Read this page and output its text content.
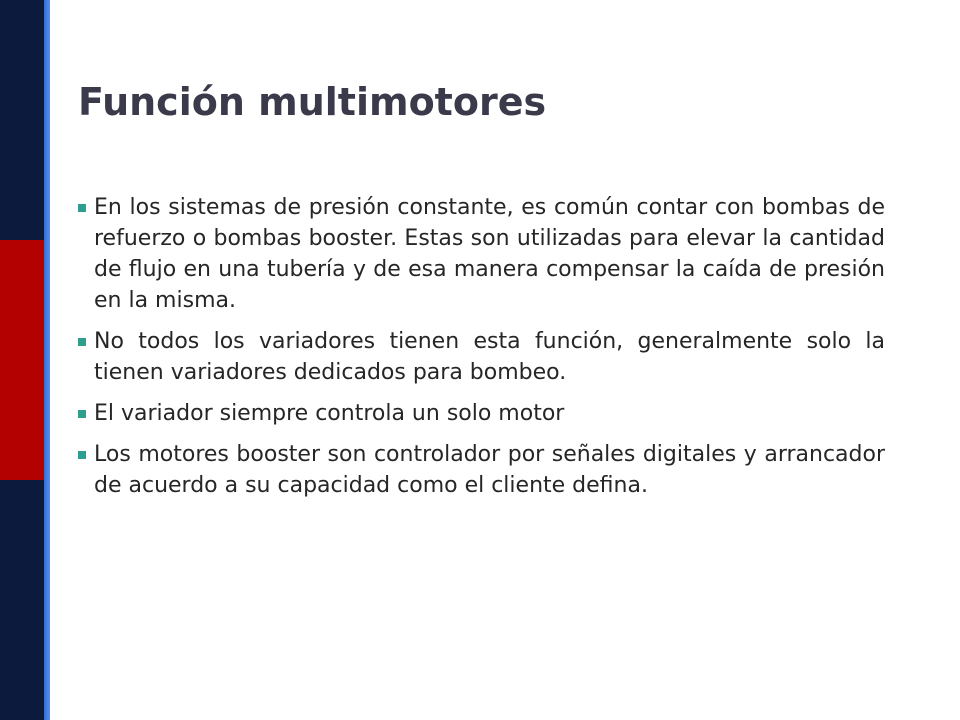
Función multimotores
En los sistemas de presión constante, es común contar con bombas de refuerzo o bombas booster. Estas son utilizadas para elevar la cantidad de flujo en una tubería y de esa manera compensar la caída de presión en la misma.
No todos los variadores tienen esta función, generalmente solo la tienen variadores dedicados para bombeo.
El variador siempre controla un solo motor
Los motores booster son controlador por señales digitales y arrancador de acuerdo a su capacidad como el cliente defina.
